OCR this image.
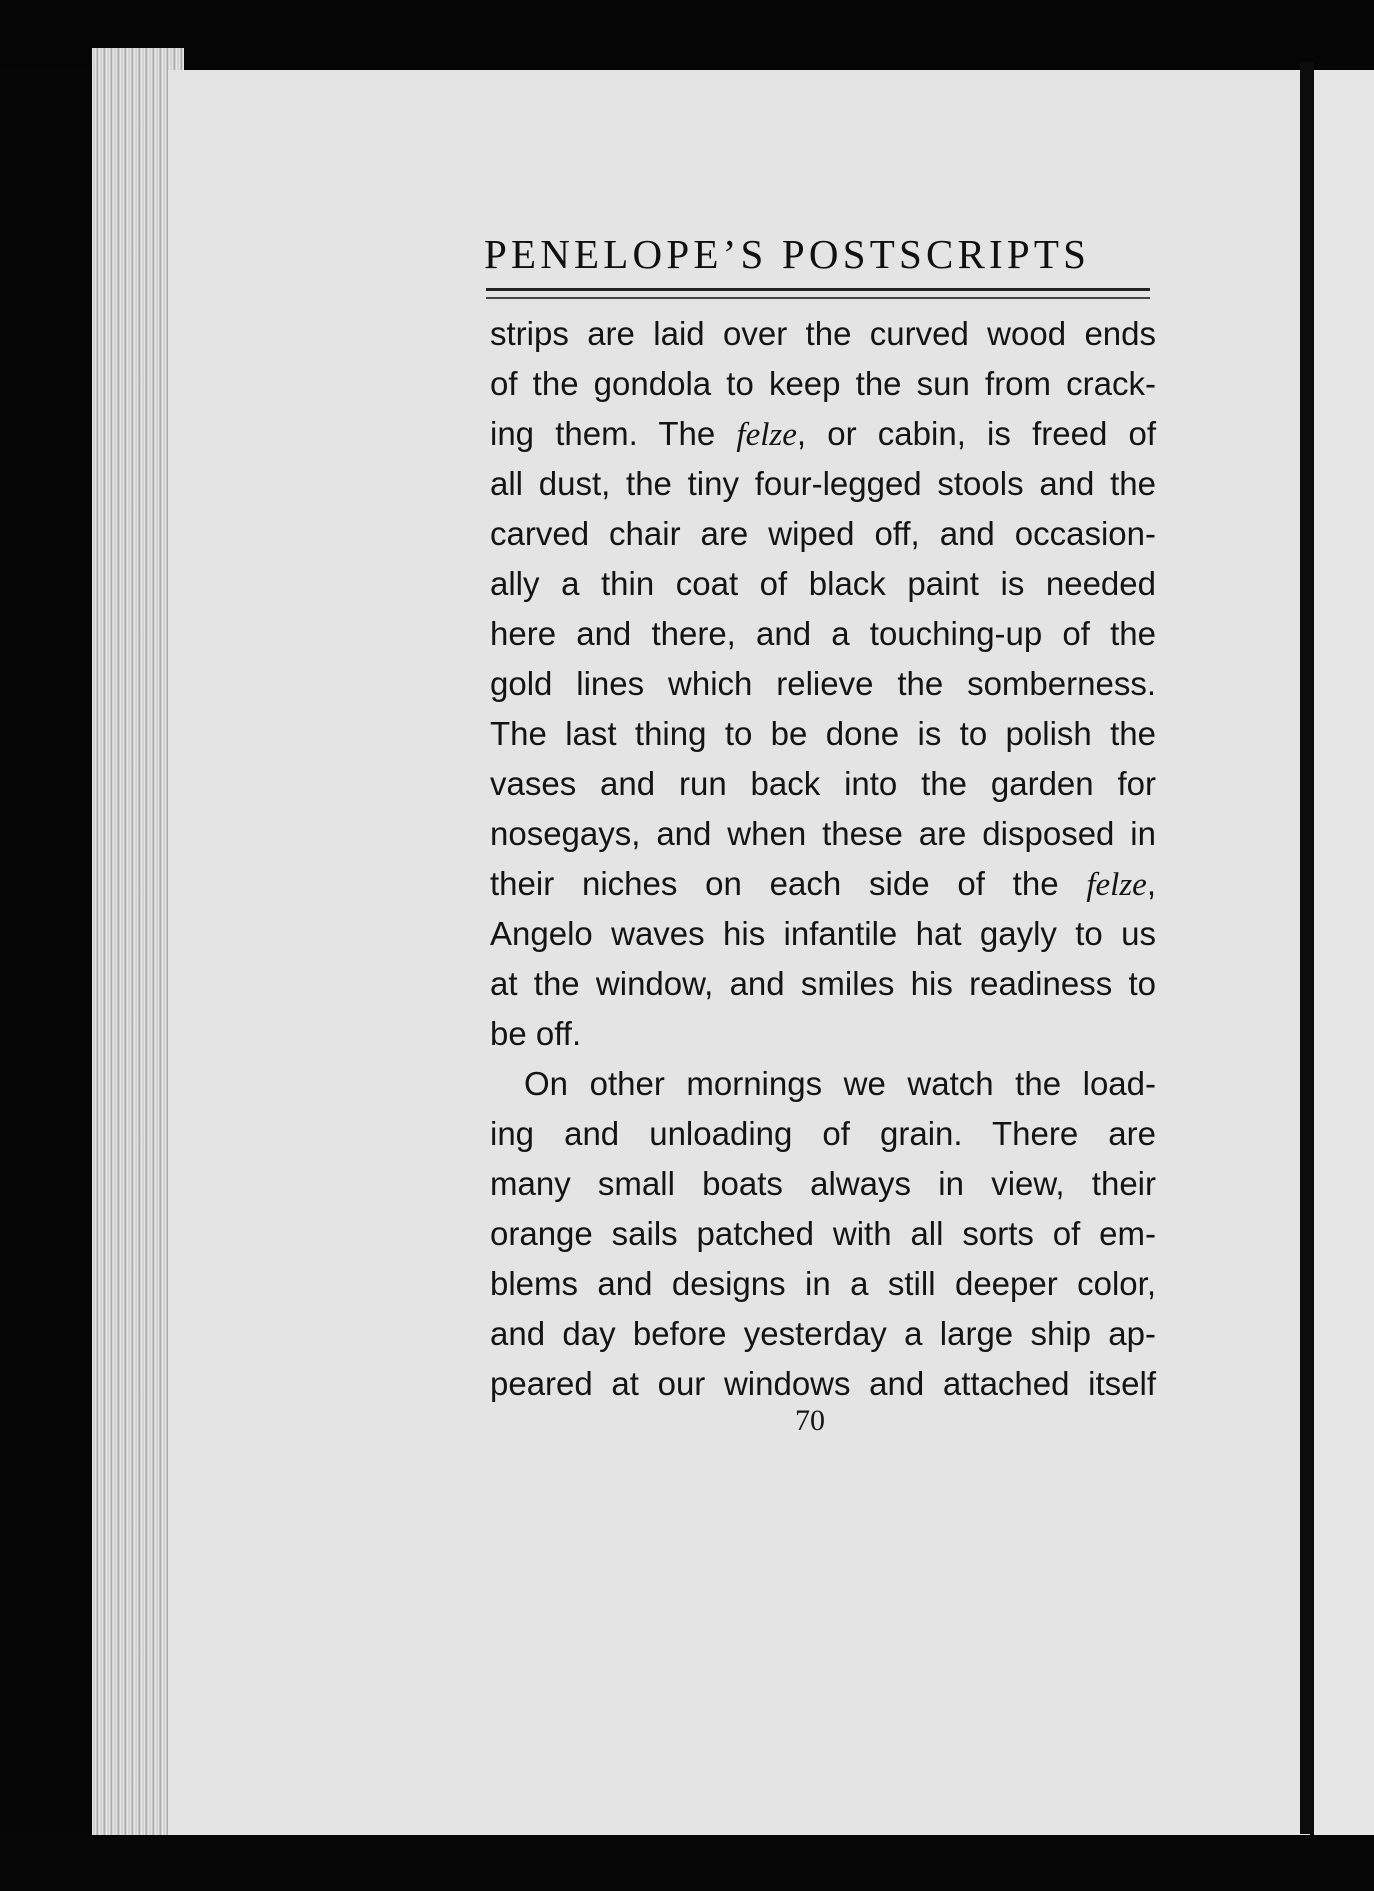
PENELOPE’S POSTSCRIPTS
strips are laid over the curved wood ends
of the gondola to keep the sun from crack-
ing them. The felze, or cabin, is freed of
all dust, the tiny four-legged stools and the
carved chair are wiped off, and occasion-
ally a thin coat of black paint is needed
here and there, and a touching-up of the
gold lines which relieve the somberness.
The last thing to be done is to polish the
vases and run back into the garden for
nosegays, and when these are disposed in
their niches on each side of the felze,
Angelo waves his infantile hat gayly to us
at the window, and smiles his readiness to
be off.
On other mornings we watch the load-
ing and unloading of grain. There are
many small boats always in view, their
orange sails patched with all sorts of em-
blems and designs in a still deeper color,
and day before yesterday a large ship ap-
peared at our windows and attached itself
70
